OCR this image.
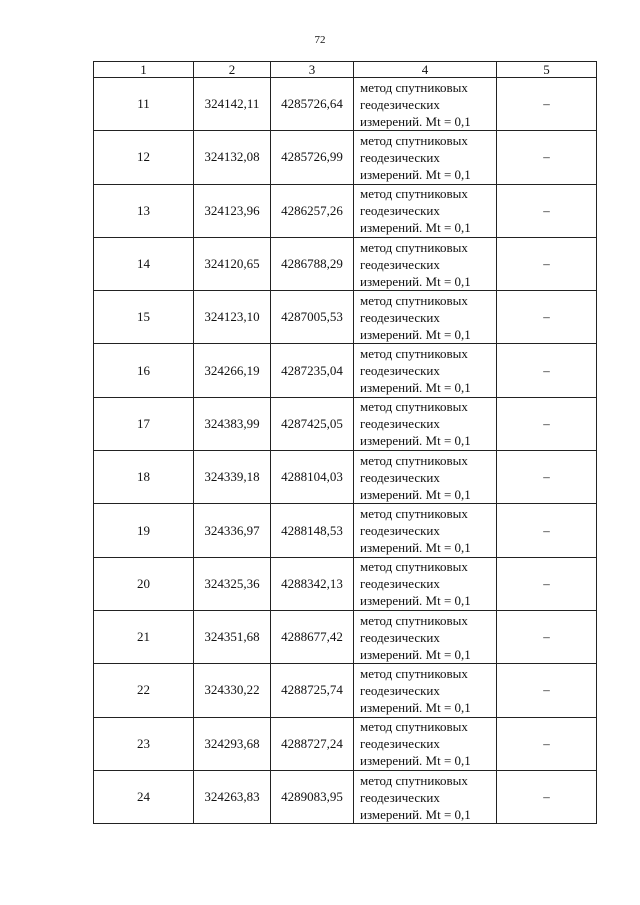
72
1	2	3	4	5
11	324142,11	4285726,64	метод спутниковых
геодезических
измерений. Mt = 0,1	–
12	324132,08	4285726,99	метод спутниковых
геодезических
измерений. Mt = 0,1	–
13	324123,96	4286257,26	метод спутниковых
геодезических
измерений. Mt = 0,1	–
14	324120,65	4286788,29	метод спутниковых
геодезических
измерений. Mt = 0,1	–
15	324123,10	4287005,53	метод спутниковых
геодезических
измерений. Mt = 0,1	–
16	324266,19	4287235,04	метод спутниковых
геодезических
измерений. Mt = 0,1	–
17	324383,99	4287425,05	метод спутниковых
геодезических
измерений. Mt = 0,1	–
18	324339,18	4288104,03	метод спутниковых
геодезических
измерений. Mt = 0,1	–
19	324336,97	4288148,53	метод спутниковых
геодезических
измерений. Mt = 0,1	–
20	324325,36	4288342,13	метод спутниковых
геодезических
измерений. Mt = 0,1	–
21	324351,68	4288677,42	метод спутниковых
геодезических
измерений. Mt = 0,1	–
22	324330,22	4288725,74	метод спутниковых
геодезических
измерений. Mt = 0,1	–
23	324293,68	4288727,24	метод спутниковых
геодезических
измерений. Mt = 0,1	–
24	324263,83	4289083,95	метод спутниковых
геодезических
измерений. Mt = 0,1	–
